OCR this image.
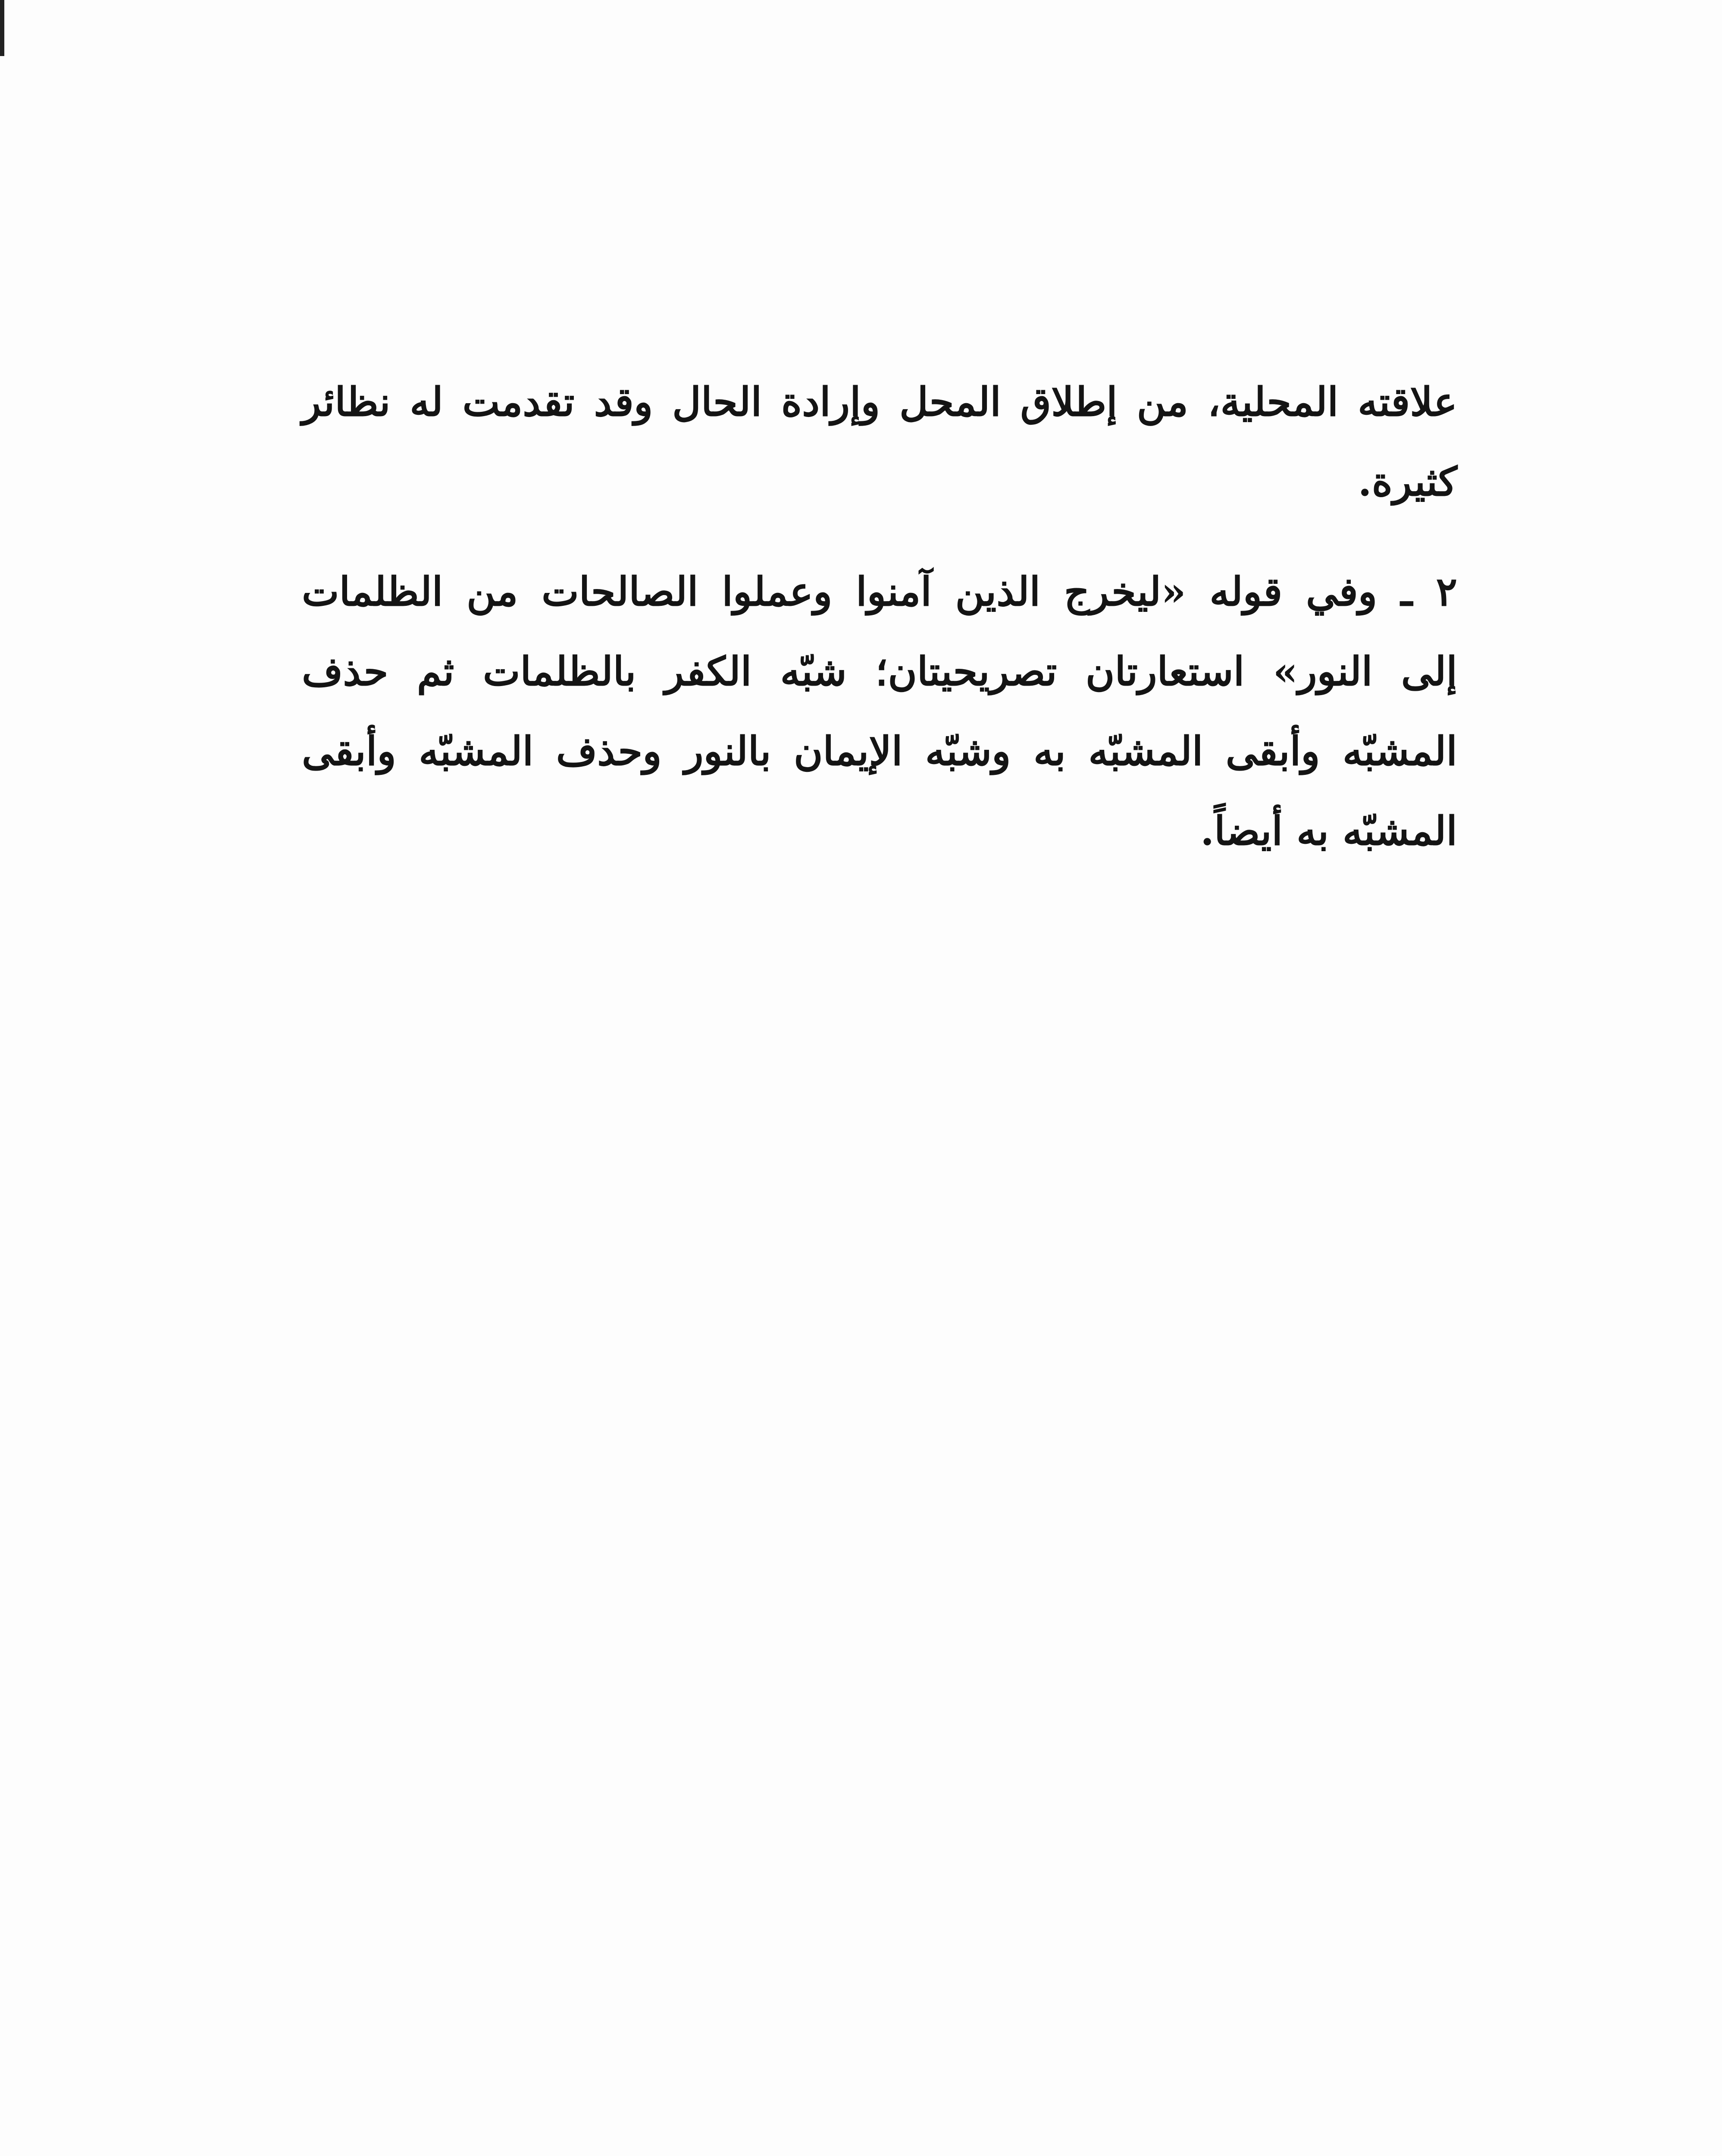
علاقته المحلية، من إطلاق المحل وإرادة الحال وقد تقدمت له نظائر
كثيرة.

٢ ـ وفي قوله «ليخرج الذين آمنوا وعملوا الصالحات من الظلمات
إلى النور» استعارتان تصريحيتان؛ شبّه الكفر بالظلمات ثم حذف
المشبّه وأبقى المشبّه به وشبّه الإيمان بالنور وحذف المشبّه وأبقى
المشبّه به أيضاً.
